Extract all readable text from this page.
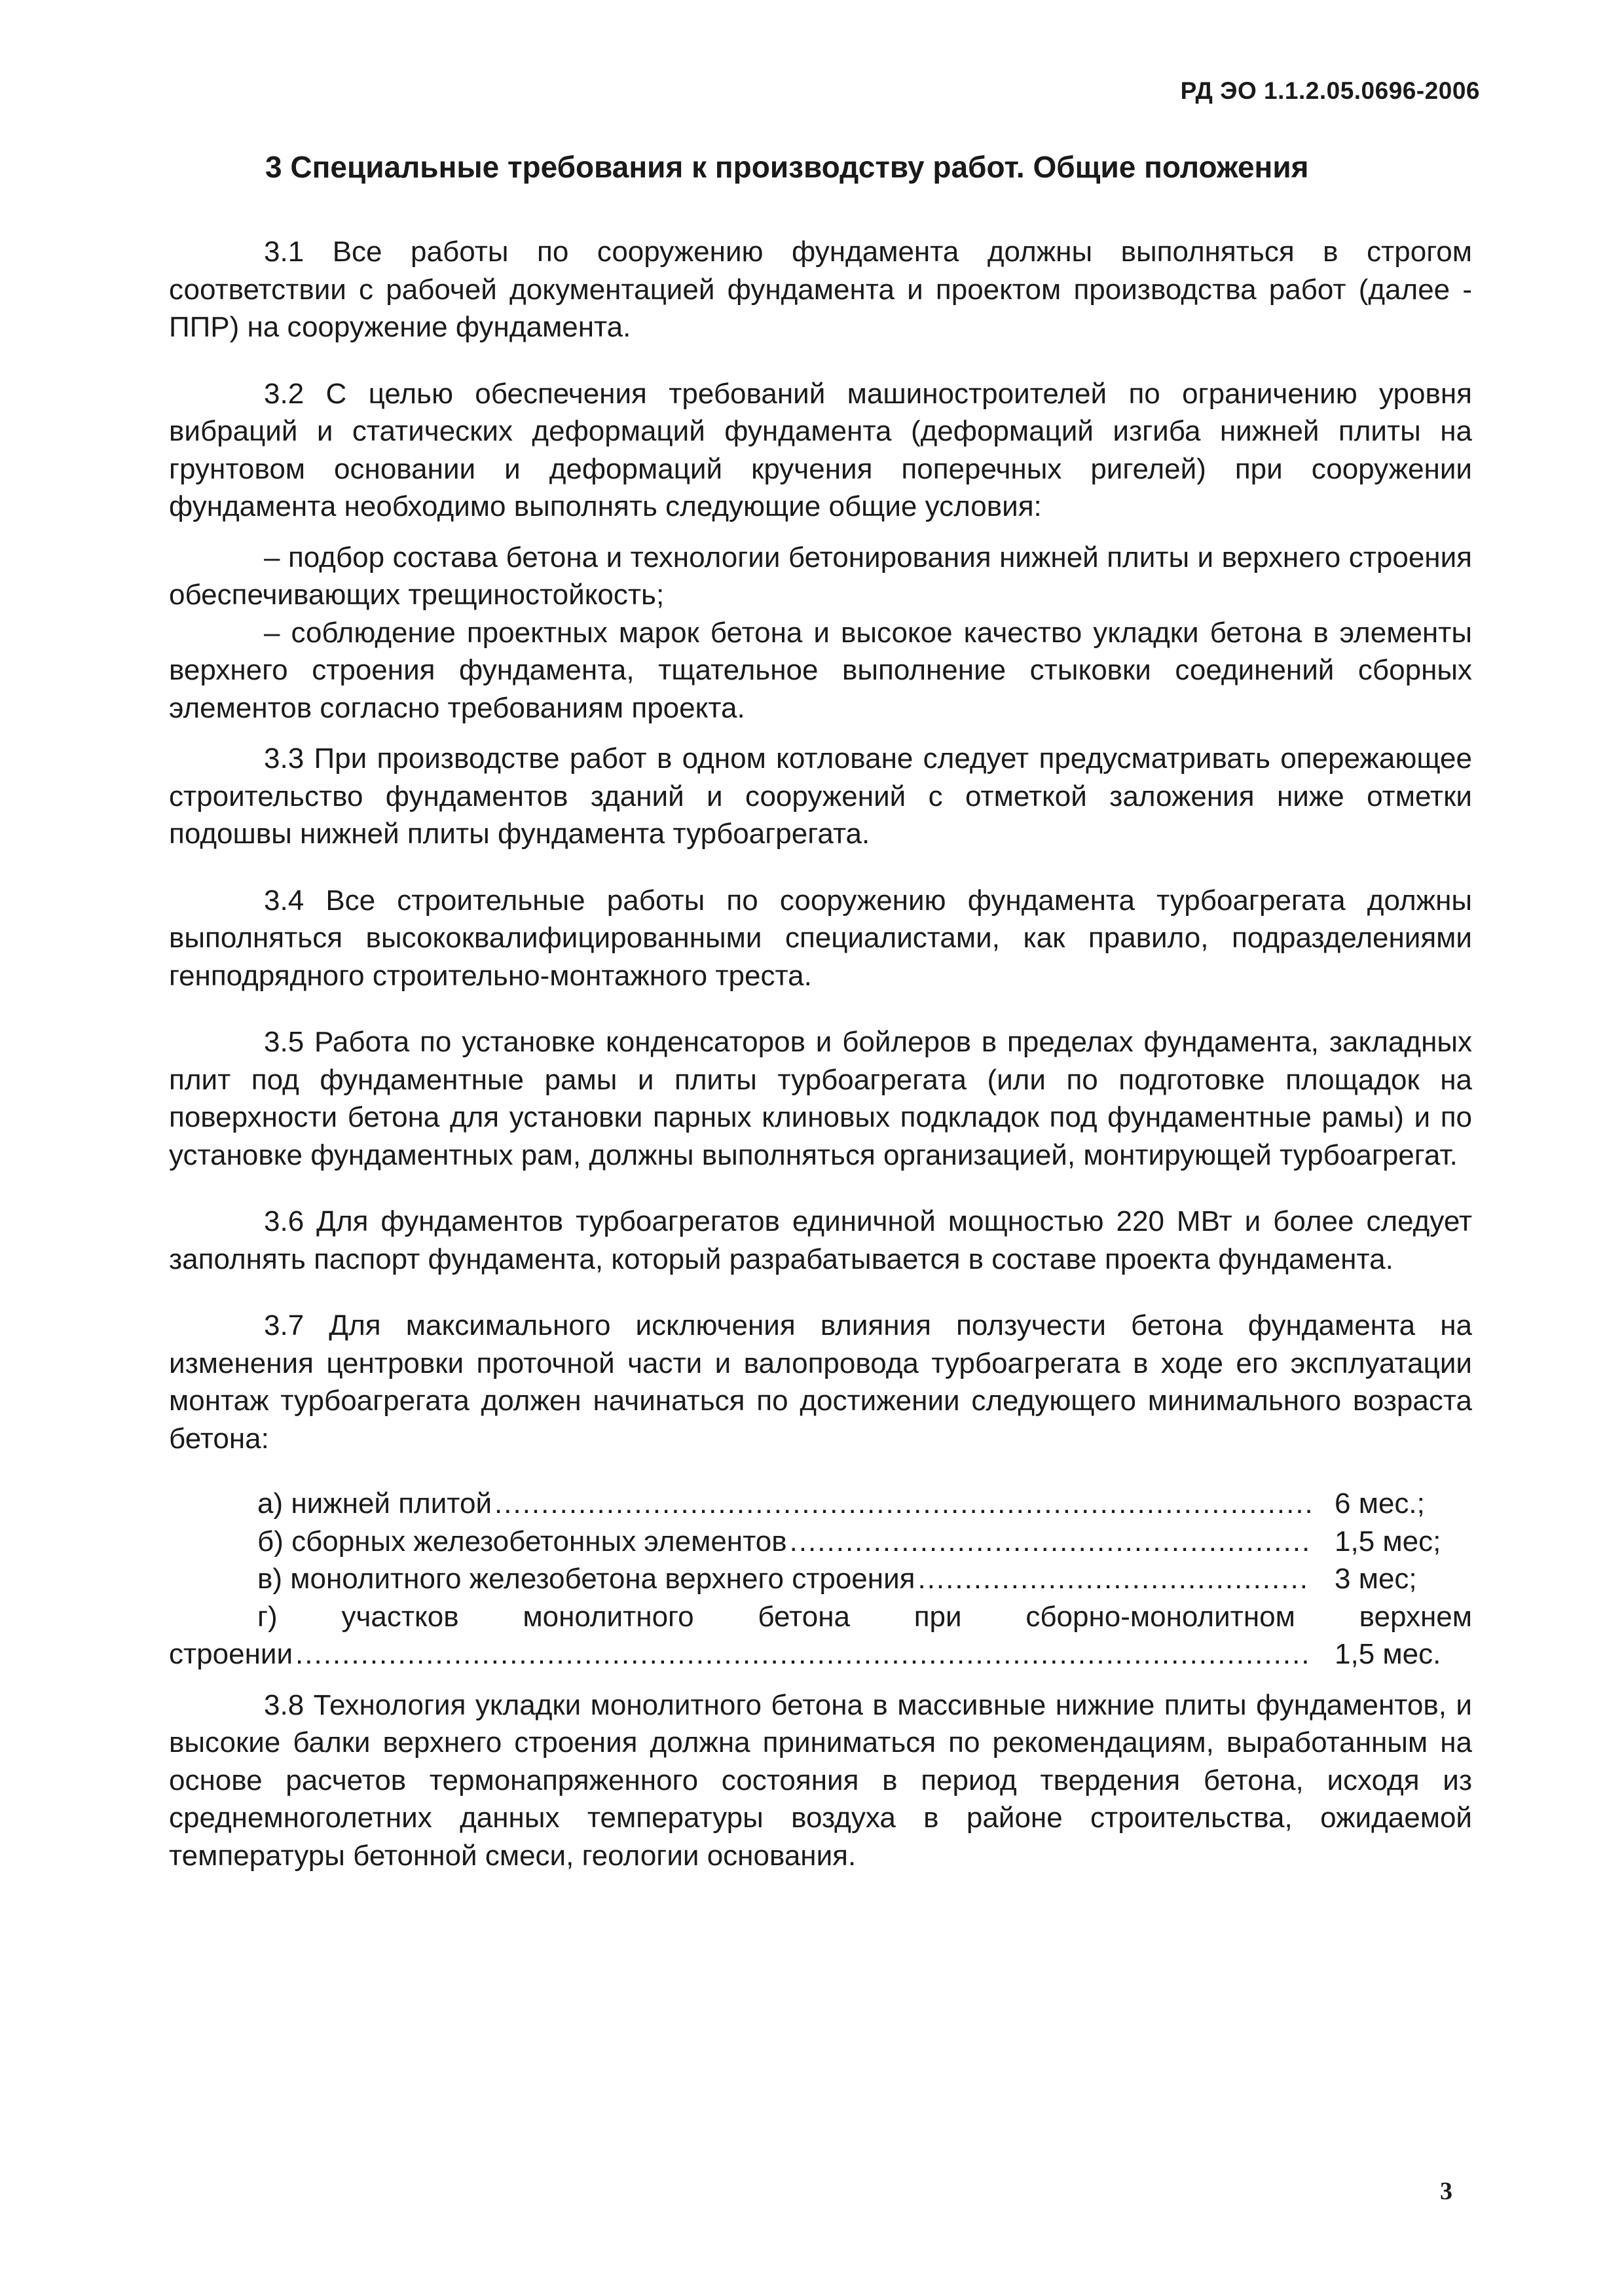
РД ЭО 1.1.2.05.0696-2006
3 Специальные требования к производству работ. Общие положения

3.1 Все работы по сооружению фундамента должны выполняться в строгом соответствии с рабочей документацией фундамента и проектом производства работ (далее - ППР) на сооружение фундамента.

3.2 С целью обеспечения требований машиностроителей по ограничению уровня вибраций и статических деформаций фундамента (деформаций изгиба нижней плиты на грунтовом основании и деформаций кручения поперечных ригелей) при сооружении фундамента необходимо выполнять следующие общие условия:

– подбор состава бетона и технологии бетонирования нижней плиты и верхнего строения обеспечивающих трещиностойкость;

– соблюдение проектных марок бетона и высокое качество укладки бетона в элементы верхнего строения фундамента, тщательное выполнение стыковки соединений сборных элементов согласно требованиям проекта.

3.3 При производстве работ в одном котловане следует предусматривать опережающее строительство фундаментов зданий и сооружений с отметкой заложения ниже отметки подошвы нижней плиты фундамента турбоагрегата.

3.4 Все строительные работы по сооружению фундамента турбоагрегата должны выполняться высококвалифицированными специалистами, как правило, подразделениями генподрядного строительно-монтажного треста.

3.5 Работа по установке конденсаторов и бойлеров в пределах фундамента, закладных плит под фундаментные рамы и плиты турбоагрегата (или по подготовке площадок на поверхности бетона для установки парных клиновых подкладок под фундаментные рамы) и по установке фундаментных рам, должны выполняться организацией, монтирующей турбоагрегат.

3.6 Для фундаментов турбоагрегатов единичной мощностью 220 МВт и более следует заполнять паспорт фундамента, который разрабатывается в составе проекта фундамента.

3.7 Для максимального исключения влияния ползучести бетона фундамента на изменения центровки проточной части и валопровода турбоагрегата в ходе его эксплуатации монтаж турбоагрегата должен начинаться по достижении следующего минимального возраста бетона:

а) нижней плитой .....	6 мес.;
б) сборных железобетонных элементов .....	1,5 мес;
в) монолитного железобетона верхнего строения .....	3 мес;
г) участков монолитного бетона при сборно-монолитном верхнем
строении .....	1,5 мес.

3.8 Технология укладки монолитного бетона в массивные нижние плиты фундаментов, и высокие балки верхнего строения должна приниматься по рекомендациям, выработанным на основе расчетов термонапряженного состояния в период твердения бетона, исходя из среднемноголетних данных температуры воздуха в районе строительства, ожидаемой температуры бетонной смеси, геологии основания.

3
